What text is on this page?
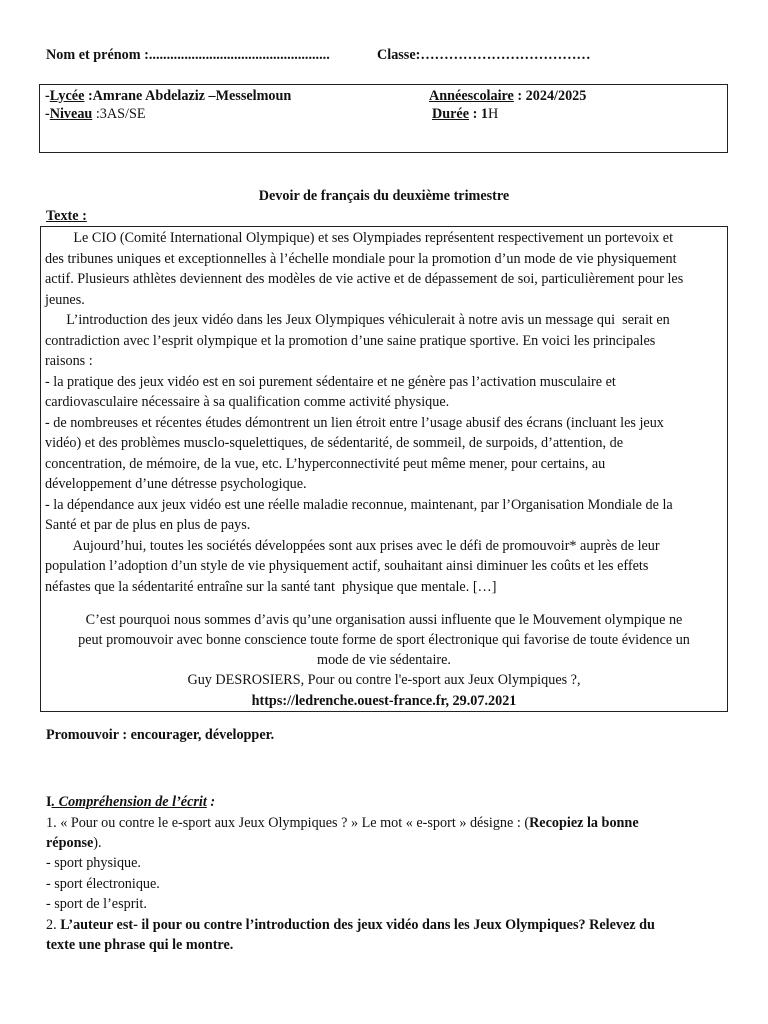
Nom et prénom :...................................................	Classe:………………………………
-Lycée :Amrane Abdelaziz –Messelmoun	Annéescolaire : 2024/2025
-Niveau :3AS/SE	Durée : 1H
Devoir de français du deuxième trimestre
Texte :
Le CIO (Comité International Olympique) et ses Olympiades représentent respectivement un portevoix et
des tribunes uniques et exceptionnelles à l’échelle mondiale pour la promotion d’un mode de vie physiquement
actif. Plusieurs athlètes deviennent des modèles de vie active et de dépassement de soi, particulièrement pour les
jeunes.
L’introduction des jeux vidéo dans les Jeux Olympiques véhiculerait à notre avis un message qui  serait en
contradiction avec l’esprit olympique et la promotion d’une saine pratique sportive. En voici les principales
raisons :
- la pratique des jeux vidéo est en soi purement sédentaire et ne génère pas l’activation musculaire et
cardiovasculaire nécessaire à sa qualification comme activité physique.
- de nombreuses et récentes études démontrent un lien étroit entre l’usage abusif des écrans (incluant les jeux
vidéo) et des problèmes musclo-squelettiques, de sédentarité, de sommeil, de surpoids, d’attention, de
concentration, de mémoire, de la vue, etc. L’hyperconnectivité peut même mener, pour certains, au
développement d’une détresse psychologique.
- la dépendance aux jeux vidéo est une réelle maladie reconnue, maintenant, par l’Organisation Mondiale de la
Santé et par de plus en plus de pays.
Aujourd’hui, toutes les sociétés développées sont aux prises avec le défi de promouvoir* auprès de leur
population l’adoption d’un style de vie physiquement actif, souhaitant ainsi diminuer les coûts et les effets
néfastes que la sédentarité entraîne sur la santé tant  physique que mentale. […]
C’est pourquoi nous sommes d’avis qu’une organisation aussi influente que le Mouvement olympique ne
peut promouvoir avec bonne conscience toute forme de sport électronique qui favorise de toute évidence un
mode de vie sédentaire.
Guy DESROSIERS, Pour ou contre l'e-sport aux Jeux Olympiques ?,
https://ledrenche.ouest-france.fr, 29.07.2021
Promouvoir : encourager, développer.
I. Compréhension de l’écrit :
1. « Pour ou contre le e-sport aux Jeux Olympiques ? » Le mot « e-sport » désigne : (Recopiez la bonne
réponse).
- sport physique.
- sport électronique.
- sport de l’esprit.
2. L’auteur est- il pour ou contre l’introduction des jeux vidéo dans les Jeux Olympiques? Relevez du
texte une phrase qui le montre.
